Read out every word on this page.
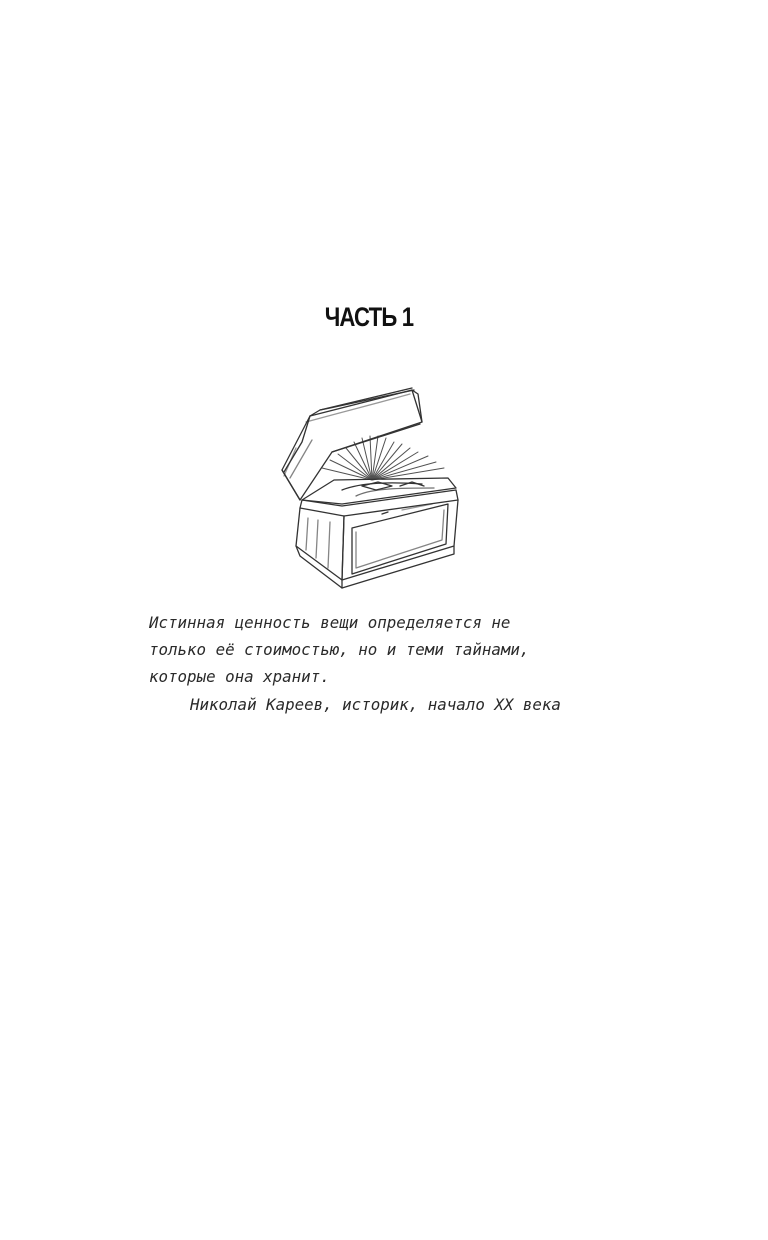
ЧАСТЬ 1
Истинная ценность вещи определяется не
только её стоимостью, но и теми тайнами,
которые она хранит.
Николай Кареев, историк, начало XX века
